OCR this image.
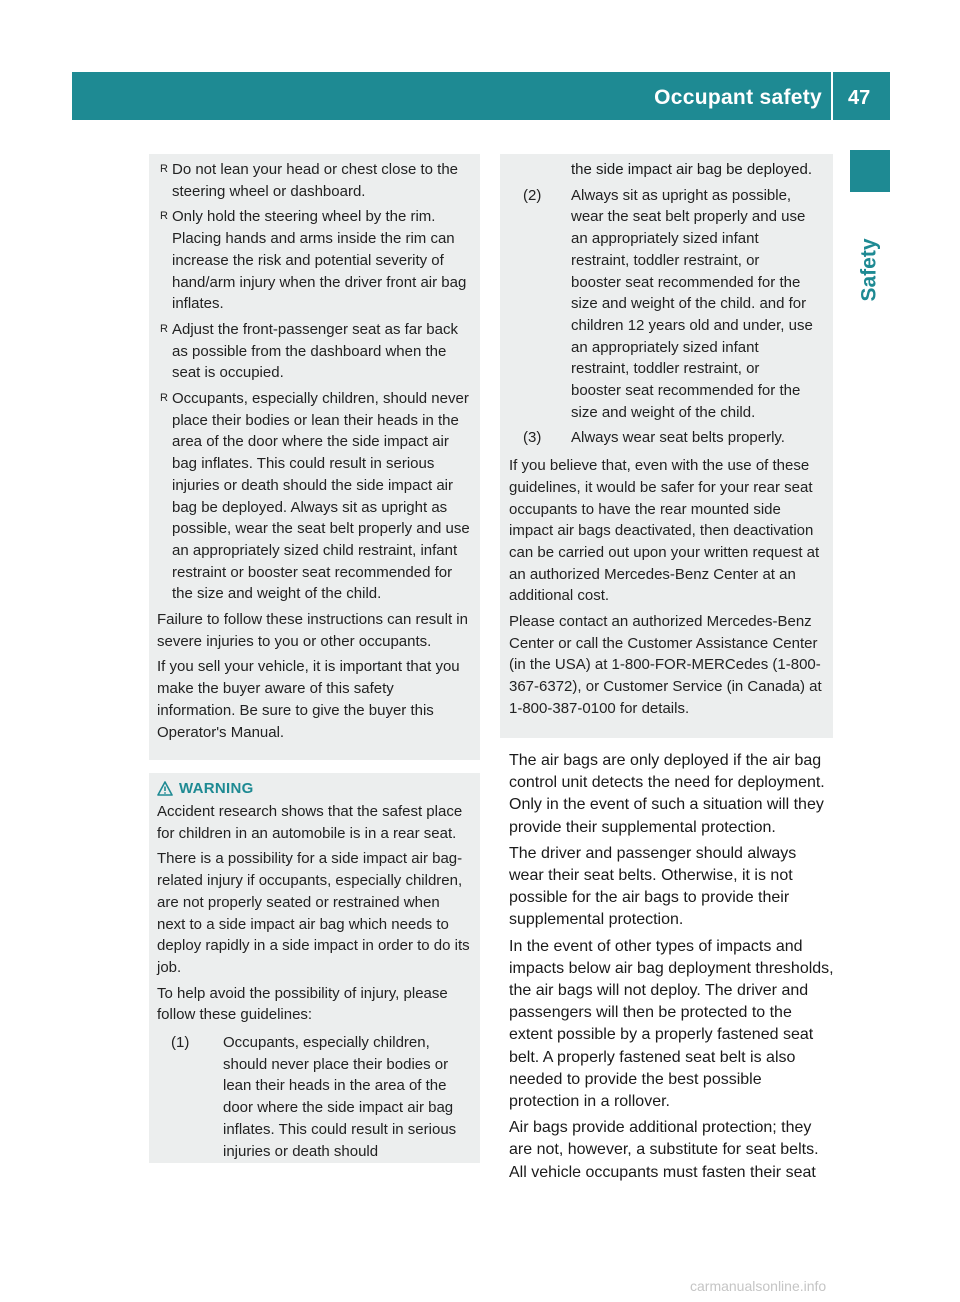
Occupant safety 47
Safety
R Do not lean your head or chest close to the steering wheel or dashboard.
R Only hold the steering wheel by the rim. Placing hands and arms inside the rim can increase the risk and potential severity of hand/arm injury when the driver front air bag inflates.
R Adjust the front-passenger seat as far back as possible from the dashboard when the seat is occupied.
R Occupants, especially children, should never place their bodies or lean their heads in the area of the door where the side impact air bag inflates. This could result in serious injuries or death should the side impact air bag be deployed. Always sit as upright as possible, wear the seat belt properly and use an appropriately sized child restraint, infant restraint or booster seat recommended for the size and weight of the child.

Failure to follow these instructions can result in severe injuries to you or other occupants.

If you sell your vehicle, it is important that you make the buyer aware of this safety information. Be sure to give the buyer this Operator's Manual.

WARNING

Accident research shows that the safest place for children in an automobile is in a rear seat.

There is a possibility for a side impact air bag-related injury if occupants, especially children, are not properly seated or restrained when next to a side impact air bag which needs to deploy rapidly in a side impact in order to do its job.

To help avoid the possibility of injury, please follow these guidelines:

(1)	Occupants, especially children, should never place their bodies or lean their heads in the area of the door where the side impact air bag inflates. This could result in serious injuries or death should
the side impact air bag be deployed.
(2)	Always sit as upright as possible, wear the seat belt properly and use an appropriately sized infant restraint, toddler restraint, or booster seat recommended for the size and weight of the child. and for children 12 years old and under, use an appropriately sized infant restraint, toddler restraint, or booster seat recommended for the size and weight of the child.
(3)	Always wear seat belts properly.

If you believe that, even with the use of these guidelines, it would be safer for your rear seat occupants to have the rear mounted side impact air bags deactivated, then deactivation can be carried out upon your written request at an authorized Mercedes-Benz Center at an additional cost.

Please contact an authorized Mercedes-Benz Center or call the Customer Assistance Center (in the USA) at 1-800-FOR-MERCedes (1-800-367-6372), or Customer Service (in Canada) at 1-800-387-0100 for details.

The air bags are only deployed if the air bag control unit detects the need for deployment. Only in the event of such a situation will they provide their supplemental protection.

The driver and passenger should always wear their seat belts. Otherwise, it is not possible for the air bags to provide their supplemental protection.

In the event of other types of impacts and impacts below air bag deployment thresholds, the air bags will not deploy. The driver and passengers will then be protected to the extent possible by a properly fastened seat belt. A properly fastened seat belt is also needed to provide the best possible protection in a rollover.

Air bags provide additional protection; they are not, however, a substitute for seat belts. All vehicle occupants must fasten their seat

carmanualsonline.info
